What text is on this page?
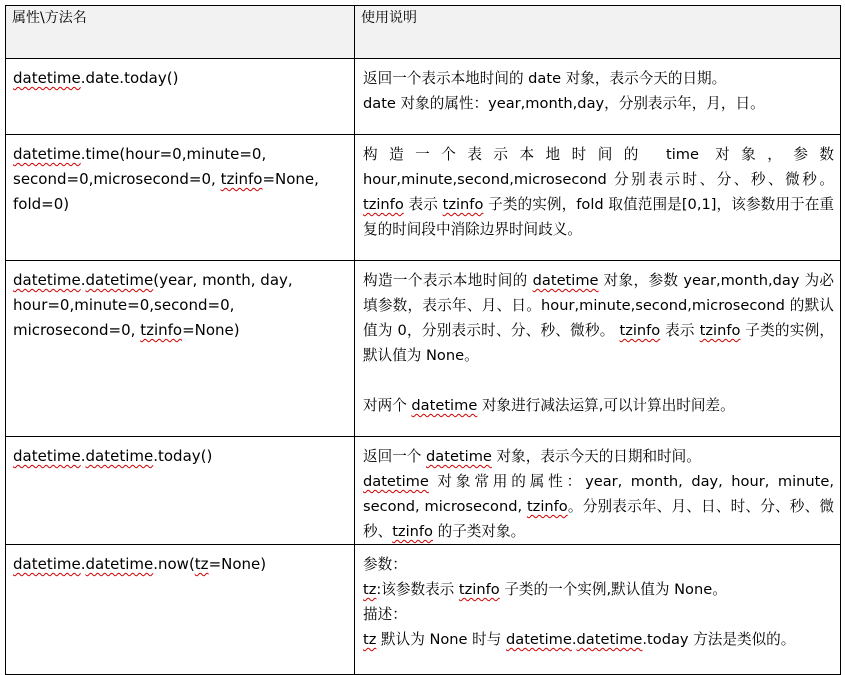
属性\方法名	使用说明

datetime.date.today()	返回一个表示本地时间的 date 对象，表示今天的日期。

date 对象的属性：year,month,day，分别表示年，月，日。

datetime.time(hour=0,minute=0, second=0,microsecond=0, tzinfo=None, fold=0)	构造一个表示本地时间的 time 对象，参数 hour,minute,second,microsecond 分别表示时、分、秒、微秒。tzinfo 表示 tzinfo 子类的实例，fold 取值范围是[0,1]，该参数用于在重复的时间段中消除边界时间歧义。

datetime.datetime(year, month, day, hour=0,minute=0,second=0, microsecond=0, tzinfo=None)	构造一个表示本地时间的 datetime 对象，参数 year,month,day 为必填参数，表示年、月、日。hour,minute,second,microsecond 的默认值为 0，分别表示时、分、秒、微秒。 tzinfo 表示 tzinfo 子类的实例，默认值为 None。

对两个 datetime 对象进行减法运算,可以计算出时间差。

datetime.datetime.today()	返回一个 datetime 对象，表示今天的日期和时间。

datetime 对象常用的属性：year, month, day, hour, minute, second, microsecond, tzinfo。分别表示年、月、日、时、分、秒、微秒、tzinfo 的子类对象。

datetime.datetime.now(tz=None)	参数：

tz:该参数表示 tzinfo 子类的一个实例,默认值为 None。

描述：

tz 默认为 None 时与 datetime.datetime.today 方法是类似的。
